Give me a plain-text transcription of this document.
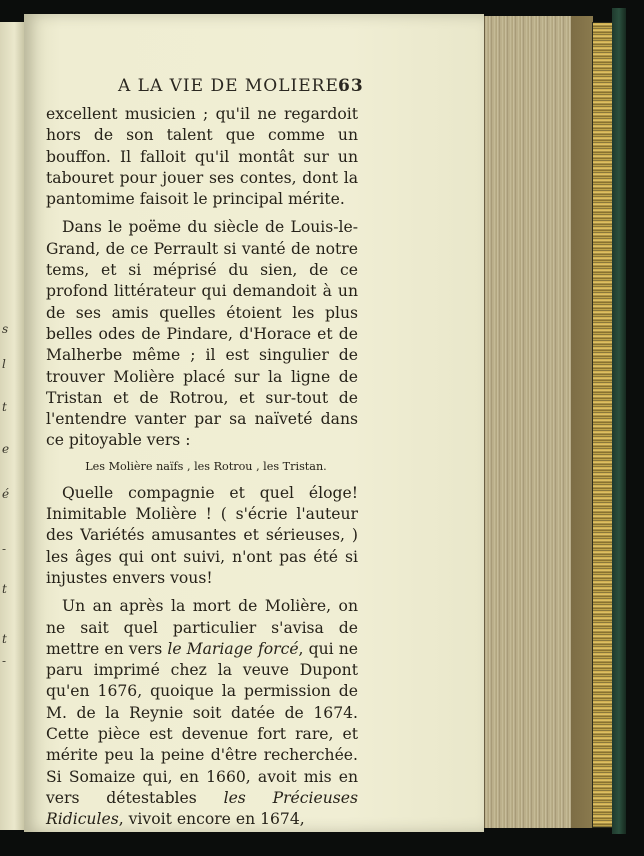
s
l
t
e
é
-
t
t
-
A LA VIE DE MOLIERE.
63

excellent musicien ; qu'il ne regardoit hors de son talent que comme un bouffon. Il falloit qu'il montât sur un tabouret pour jouer ses contes, dont la pantomime faisoit le principal mérite.

Dans le poëme du siècle de Louis-le-Grand, de ce Perrault si vanté de notre tems, et si méprisé du sien, de ce profond littérateur qui demandoit à un de ses amis quelles étoient les plus belles odes de Pindare, d'Horace et de Malherbe même ; il est singulier de trouver Molière placé sur la ligne de Tristan et de Rotrou, et sur-tout de l'entendre vanter par sa naïveté dans ce pitoyable vers :

Les Molière naïfs , les Rotrou , les Tristan.

Quelle compagnie et quel éloge! Inimitable Molière ! ( s'écrie l'auteur des Variétés amusantes et sérieuses, ) les âges qui ont suivi, n'ont pas été si injustes envers vous!

Un an après la mort de Molière, on ne sait quel particulier s'avisa de mettre en vers le Mariage forcé, qui ne paru imprimé chez la veuve Dupont qu'en 1676, quoique la permission de M. de la Reynie soit datée de 1674. Cette pièce est devenue fort rare, et mérite peu la peine d'être recherchée. Si Somaize qui, en 1660, avoit mis en vers détestables les Précieuses Ridicules, vivoit encore en 1674,
